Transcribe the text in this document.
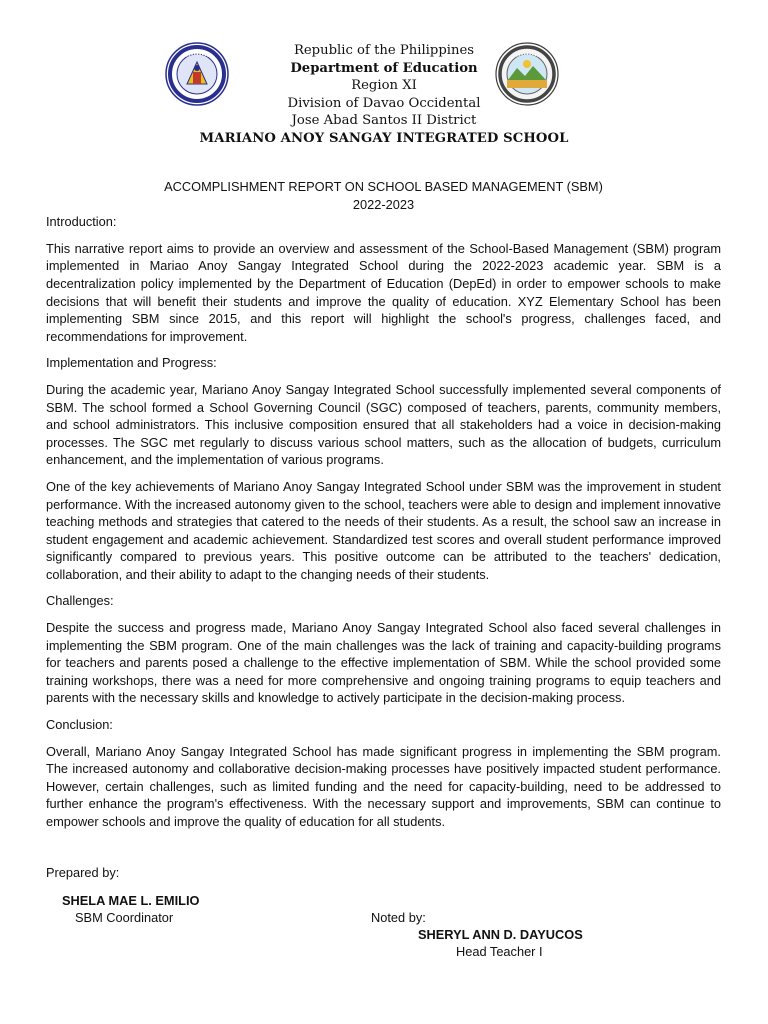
Republic of the Philippines
Department of Education
Region XI
Division of Davao Occidental
Jose Abad Santos II District
MARIANO ANOY SANGAY INTEGRATED SCHOOL
ACCOMPLISHMENT REPORT ON SCHOOL BASED MANAGEMENT (SBM)
2022-2023
Introduction:

This narrative report aims to provide an overview and assessment of the School-Based Management (SBM) program implemented in Mariao Anoy Sangay Integrated School during the 2022-2023 academic year. SBM is a decentralization policy implemented by the Department of Education (DepEd) in order to empower schools to make decisions that will benefit their students and improve the quality of education. XYZ Elementary School has been implementing SBM since 2015, and this report will highlight the school's progress, challenges faced, and recommendations for improvement.

Implementation and Progress:

During the academic year, Mariano Anoy Sangay Integrated School successfully implemented several components of SBM. The school formed a School Governing Council (SGC) composed of teachers, parents, community members, and school administrators. This inclusive composition ensured that all stakeholders had a voice in decision-making processes. The SGC met regularly to discuss various school matters, such as the allocation of budgets, curriculum enhancement, and the implementation of various programs.

One of the key achievements of Mariano Anoy Sangay Integrated School under SBM was the improvement in student performance. With the increased autonomy given to the school, teachers were able to design and implement innovative teaching methods and strategies that catered to the needs of their students. As a result, the school saw an increase in student engagement and academic achievement. Standardized test scores and overall student performance improved significantly compared to previous years. This positive outcome can be attributed to the teachers' dedication, collaboration, and their ability to adapt to the changing needs of their students.

Challenges:

Despite the success and progress made, Mariano Anoy Sangay Integrated School also faced several challenges in implementing the SBM program. One of the main challenges was the lack of training and capacity-building programs for teachers and parents posed a challenge to the effective implementation of SBM. While the school provided some training workshops, there was a need for more comprehensive and ongoing training programs to equip teachers and parents with the necessary skills and knowledge to actively participate in the decision-making process.

Conclusion:

Overall, Mariano Anoy Sangay Integrated School has made significant progress in implementing the SBM program. The increased autonomy and collaborative decision-making processes have positively impacted student performance. However, certain challenges, such as limited funding and the need for capacity-building, need to be addressed to further enhance the program's effectiveness. With the necessary support and improvements, SBM can continue to empower schools and improve the quality of education for all students.

Prepared by:
SHELA MAE L. EMILIO
SBM Coordinator	Noted by:
SHERYL ANN D. DAYUCOS
Head Teacher I
